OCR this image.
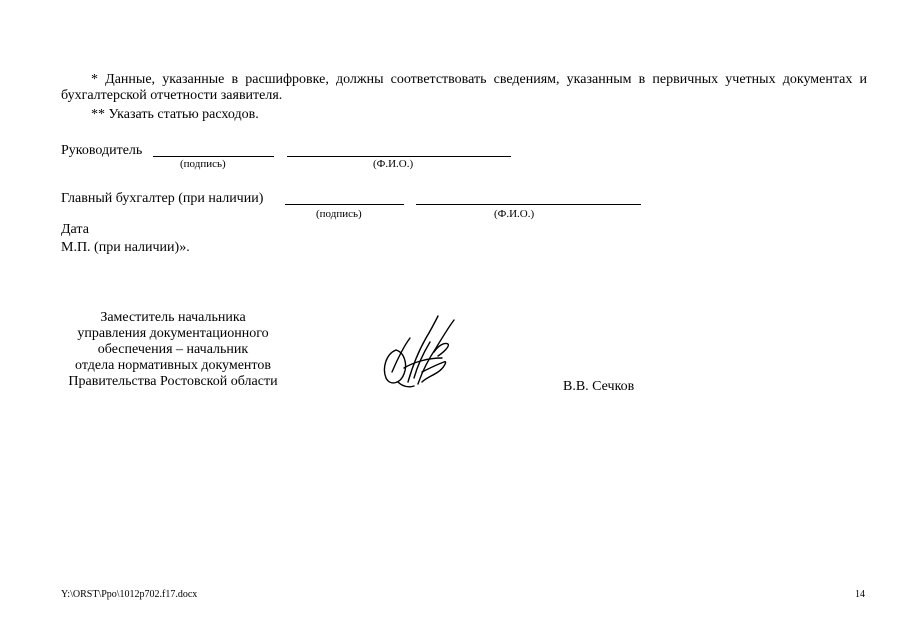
* Данные, указанные в расшифровке, должны соответствовать сведениям, указанным в первичных учетных документах и бухгалтерской отчетности заявителя.
** Указать статью расходов.
Руководитель
(подпись)	(Ф.И.О.)
Главный бухгалтер (при наличии)
(подпись)	(Ф.И.О.)
Дата
М.П. (при наличии)».
Заместитель начальника
управления документационного
обеспечения – начальник
отдела нормативных документов
Правительства Ростовской области	В.В. Сечков
Y:\ORST\Ppo\1012p702.f17.docx	14
